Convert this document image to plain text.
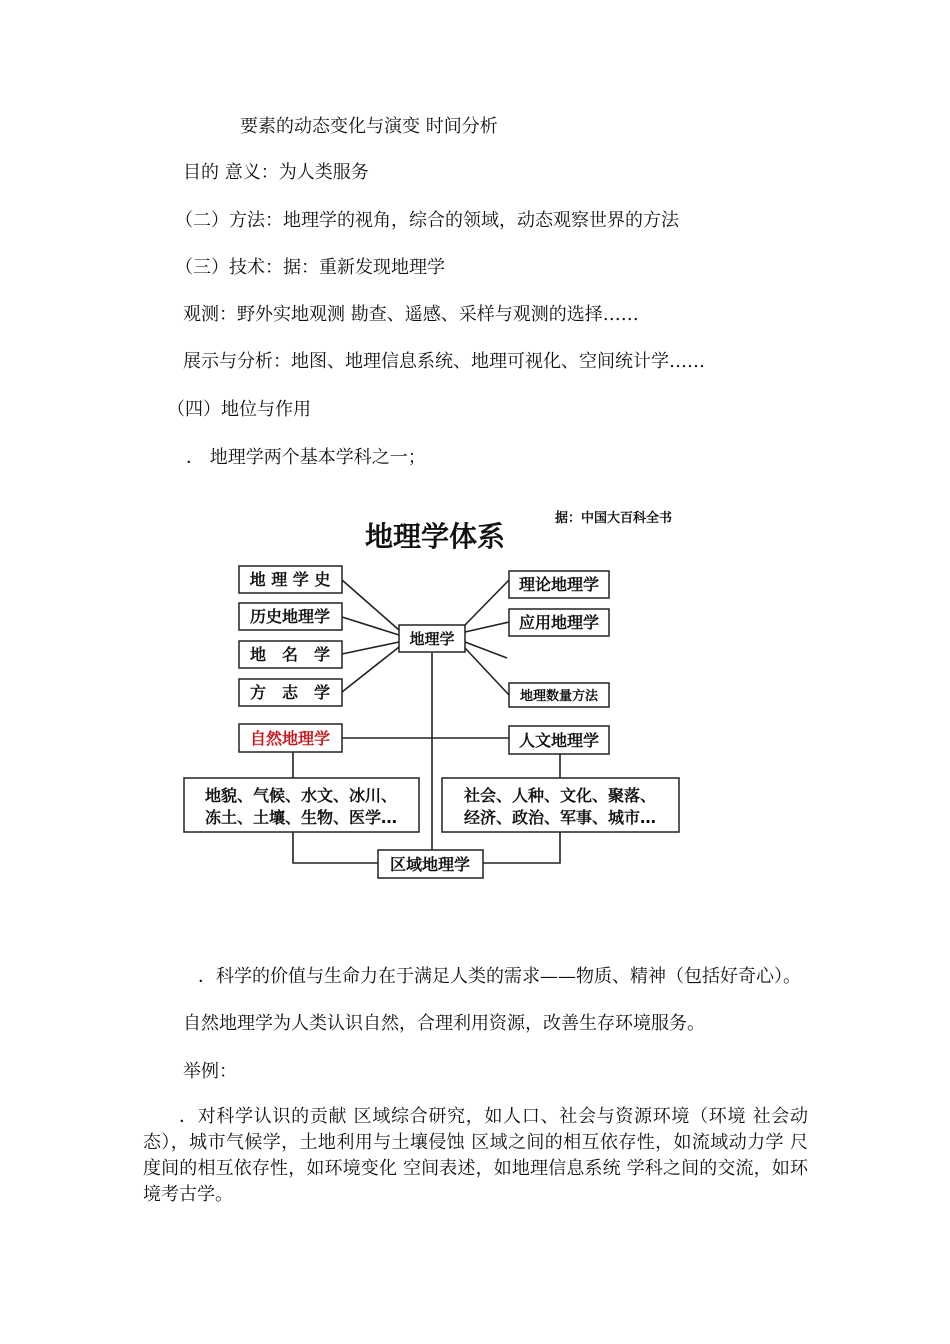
要素的动态变化与演变 时间分析
目的 意义：为人类服务
（二）方法：地理学的视角，综合的领域，动态观察世界的方法
（三）技术：据：重新发现地理学
观测：野外实地观测 勘查、遥感、采样与观测的选择……
展示与分析：地图、地理信息系统、地理可视化、空间统计学……
（四）地位与作用
． 地理学两个基本学科之一；
地理学体系
据：中国大百科全书
地 理 学 史
历史地理学
地　名　学
方　志　学
地理学
理论地理学
应用地理学
地理数量方法
自然地理学	人文地理学
地貌、气候、水文、冰川、
冻土、土壤、生物、医学…
社会、人种、文化、聚落、
经济、政治、军事、城市…
区域地理学
．科学的价值与生命力在于满足人类的需求——物质、精神（包括好奇心）。
自然地理学为人类认识自然，合理利用资源，改善生存环境服务。
举例：
．对科学认识的贡献 区域综合研究，如人口、社会与资源环境（环境 社会动态），城市气候学，土地利用与土壤侵蚀 区域之间的相互依存性，如流域动力学 尺度间的相互依存性，如环境变化 空间表述，如地理信息系统 学科之间的交流，如环境考古学。
